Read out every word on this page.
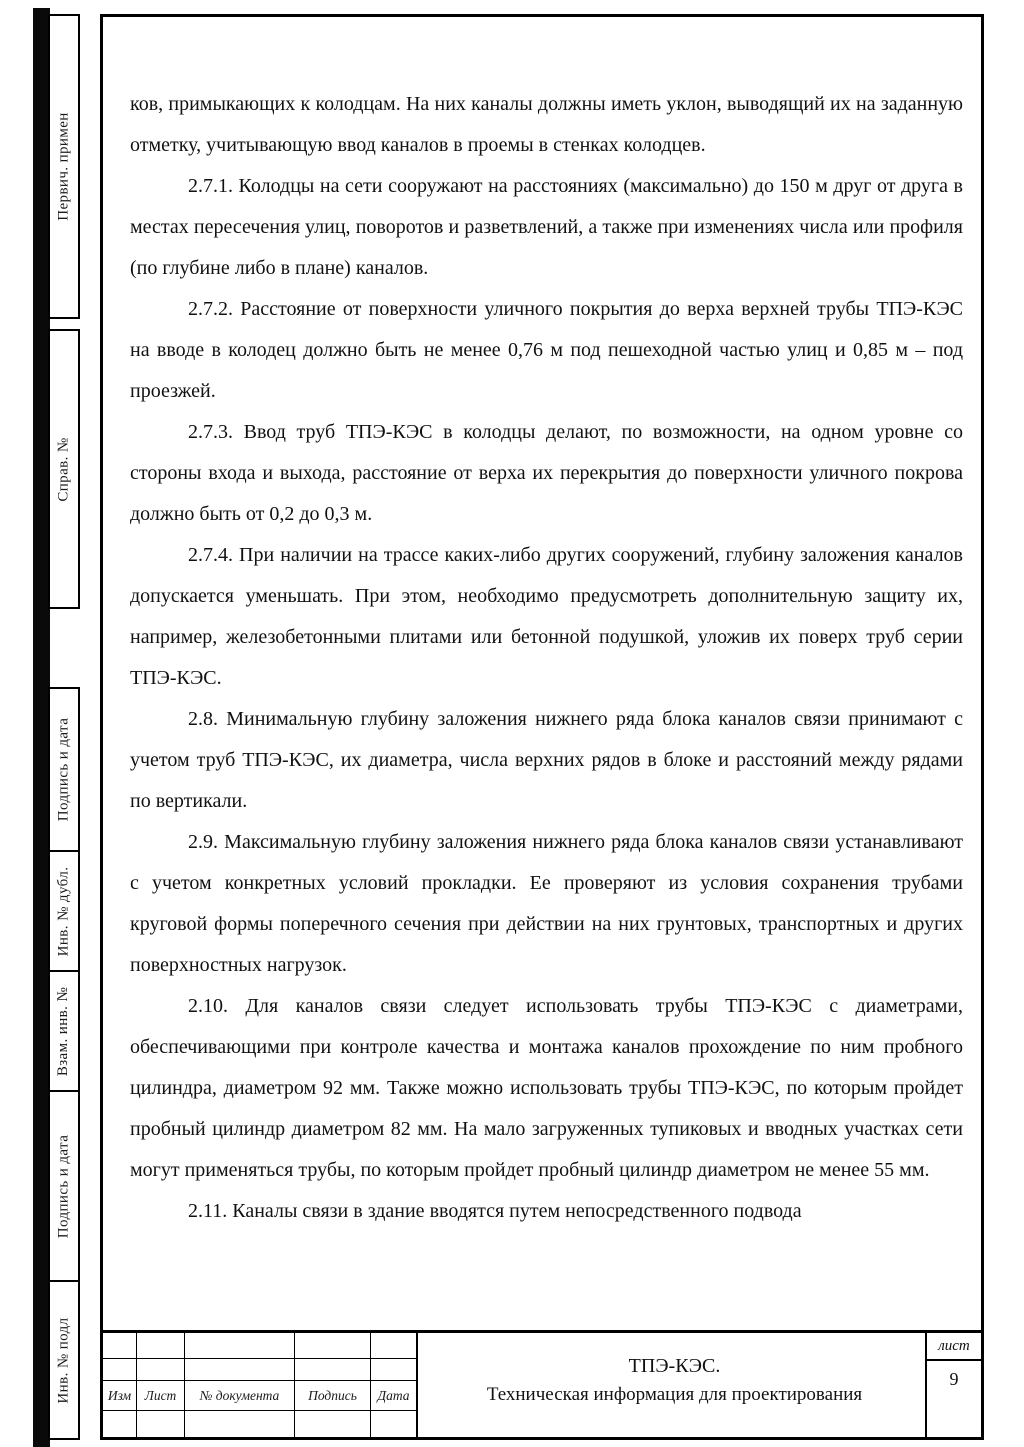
Первич. примен
Справ. №
Подпись и дата
Инв. № дубл.
Взам. инв. №
Подпись и дата
Инв. № подл

ков, примыкающих к колодцам. На них каналы должны иметь уклон, выводящий их на заданную отметку, учитывающую ввод каналов в проемы в стенках колодцев.

2.7.1. Колодцы на сети сооружают на расстояниях (максимально) до 150 м друг от друга в местах пересечения улиц, поворотов и разветвлений, а также при изменениях числа или профиля (по глубине либо в плане) каналов.

2.7.2. Расстояние от поверхности уличного покрытия до верха верхней трубы ТПЭ-КЭС на вводе в колодец должно быть не менее 0,76 м под пешеходной частью улиц и 0,85 м – под проезжей.

2.7.3. Ввод труб ТПЭ-КЭС в колодцы делают, по возможности, на одном уровне со стороны входа и выхода, расстояние от верха их перекрытия до поверхности уличного покрова должно быть от 0,2 до 0,3 м.

2.7.4. При наличии на трассе каких-либо других сооружений, глубину заложения каналов допускается уменьшать. При этом, необходимо предусмотреть дополнительную защиту их, например, железобетонными плитами или бетонной подушкой, уложив их поверх труб серии ТПЭ-КЭС.

2.8. Минимальную глубину заложения нижнего ряда блока каналов связи принимают с учетом труб ТПЭ-КЭС, их диаметра, числа верхних рядов в блоке и расстояний между рядами по вертикали.

2.9. Максимальную глубину заложения нижнего ряда блока каналов связи устанавливают с учетом конкретных условий прокладки. Ее проверяют из условия сохранения трубами круговой формы поперечного сечения при действии на них грунтовых, транспортных и других поверхностных нагрузок.

2.10. Для каналов связи следует использовать трубы ТПЭ-КЭС с диаметрами, обеспечивающими при контроле качества и монтажа каналов прохождение по ним пробного цилиндра, диаметром 92 мм. Также можно использовать трубы ТПЭ-КЭС, по которым пройдет пробный цилиндр диаметром 82 мм. На мало загруженных тупиковых и вводных участках сети могут применяться трубы, по которым пройдет пробный цилиндр диаметром не менее 55 мм.

2.11. Каналы связи в здание вводятся путем непосредственного подвода

Изм	Лист	№ документа	Подпись	Дата
ТПЭ-КЭС.
Техническая информация для проектирования
лист
9
